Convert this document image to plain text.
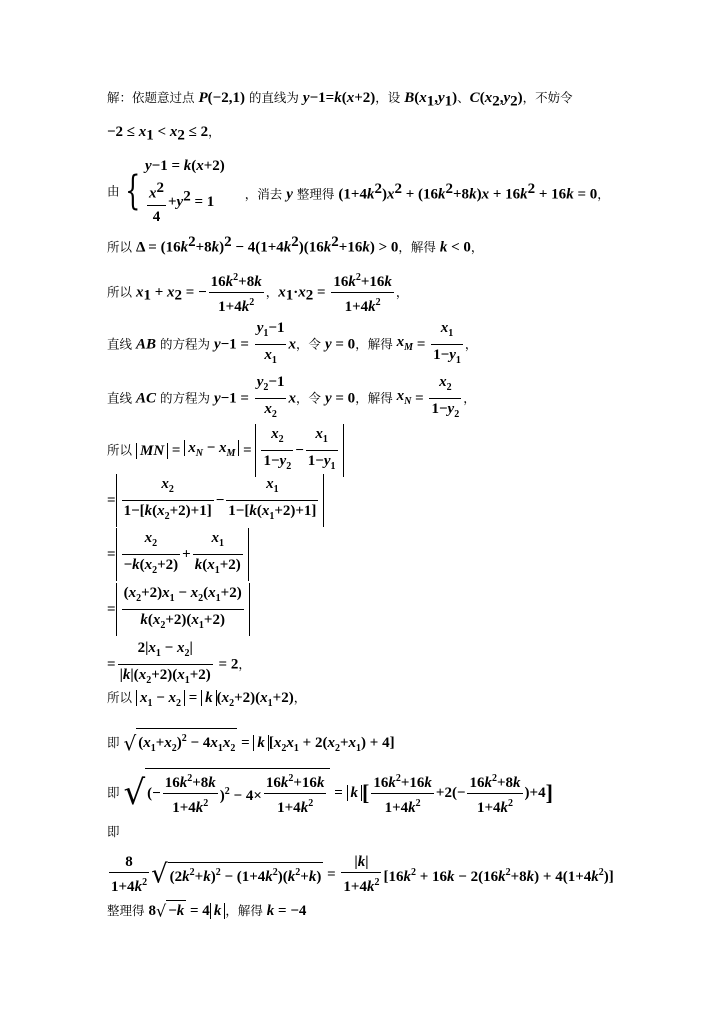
解：依题意过点 P(−2,1) 的直线为 y−1=k(x+2)，设 $B(x_1,y_1)$、$C(x_2,y_2)$，不妨令
$-2 \le x_1 < x_2 \le 2$，
由 {
y−1 = k(x+2)
$\frac{x^2}{4} +y^2 = 1$
，消去 y 整理得 $(1+4k^2)x^2 + (16k^2+8k)x + 16k^2 + 16k = 0$，
所以 $\Delta = (16k^2+8k)^2 - 4(1+4k^2)(16k^2+16k) > 0$，解得 k < 0，
所以 $x_1 + x_2$ = − $\frac{16k^2+8k}{1+4k^2}$ ，$x_1\cdot x_2 = \frac{16k^2+16k}{1+4k^2}$ ，
直线 AB 的方程为 $y-1 = \frac{y_1-1}{x_1}$ x，令 y = 0，解得 $x_M = \frac{x_1}{1-y_1}$ ，
直线 AC 的方程为 $y-1 = \frac{y_2-1}{x_2}$ x，令 y = 0，解得 $x_N = \frac{x_2}{1-y_2}$ ，
所以 MN = $x_N - x_M = \frac{x_2}{1-y_2} - \frac{x_1}{1-y_1}$
= $\frac{x_2}{1-[k(x_2+2)+1]} - \frac{x_1}{1-[k(x_1+2)+1]}$
= $\frac{x_2}{-k(x_2+2)} + \frac{x_1}{k(x_1+2)}$
= $\frac{(x_2+2)x_1 - x_2(x_1+2)}{k(x_2+2)(x_1+2)}$
= $\frac{2|x_1 - x_2|}{|k|(x_2+2)(x_1+2)} = 2$，
所以 $x_1 - x_2 = k$ $(x_2+2)(x_1+2)$，
即 √ $(x_1+x_2)^2 - 4x_1x_2 = k$ $[x_2x_1 + 2(x_2+x_1) + 4]$
即 √ (− $\frac{16k^2+8k}{1+4k^2} )^2 - 4\times \frac{16k^2+16k}{1+4k^2} = k$ [ $\frac{16k^2+16k}{1+4k^2} +2(- \frac{16k^2+8k}{1+4k^2} )+4$]
即
$\frac{8}{1+4k^2}$ √ $(2k^2+k)^2 - (1+4k^2)(k^2+k) = \frac{|k|}{1+4k^2} [16k^2 + 16k - 2(16k^2+8k) + 4(1+4k^2)]$
整理得 8√ −k = 4 k ，解得 k = −4
